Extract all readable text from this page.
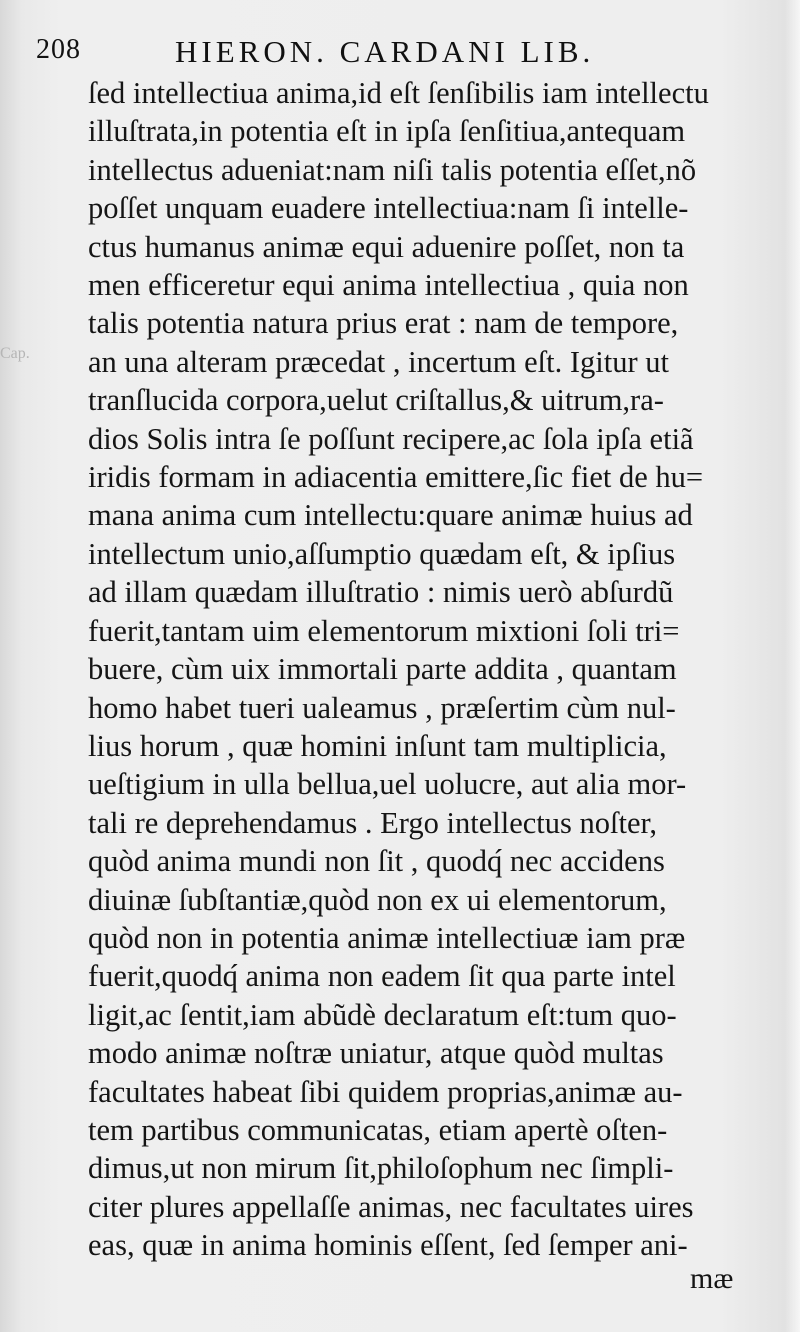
Cap.
208	HIERON. CARDANI LIB.
ſed intellectiua anima,id eſt ſenſibilis iam intellectu
illuſtrata,in potentia eſt in ipſa ſenſitiua,antequam
intellectus adueniat:nam niſi talis potentia eſſet,nõ
poſſet unquam euadere intellectiua:nam ſi intelle-
ctus humanus animæ equi aduenire poſſet, non ta
men efficeretur equi anima intellectiua , quia non
talis potentia natura prius erat : nam de tempore,
an una alteram præcedat , incertum eſt. Igitur ut
tranſlucida corpora,uelut criſtallus,& uitrum,ra-
dios Solis intra ſe poſſunt recipere,ac ſola ipſa etiã
iridis formam in adiacentia emittere,ſic fiet de hu=
mana anima cum intellectu:quare animæ huius ad
intellectum unio,aſſumptio quædam eſt, & ipſius
ad illam quædam illuſtratio : nimis uerò abſurdũ
fuerit,tantam uim elementorum mixtioni ſoli tri=
buere, cùm uix immortali parte addita , quantam
homo habet tueri ualeamus , præſertim cùm nul-
lius horum , quæ homini inſunt tam multiplicia,
ueſtigium in ulla bellua,uel uolucre, aut alia mor-
tali re deprehendamus . Ergo intellectus noſter,
quòd anima mundi non ſit , quodq́ nec accidens
diuinæ ſubſtantiæ,quòd non ex ui elementorum,
quòd non in potentia animæ intellectiuæ iam præ
fuerit,quodq́ anima non eadem ſit qua parte intel
ligit,ac ſentit,iam abũdè declaratum eſt:tum quo-
modo animæ noſtræ uniatur, atque quòd multas
facultates habeat ſibi quidem proprias,animæ au-
tem partibus communicatas, etiam apertè oſten-
dimus,ut non mirum ſit,philoſophum nec ſimpli-
citer plures appellaſſe animas, nec facultates uires
eas, quæ in anima hominis eſſent, ſed ſemper ani-
mæ
